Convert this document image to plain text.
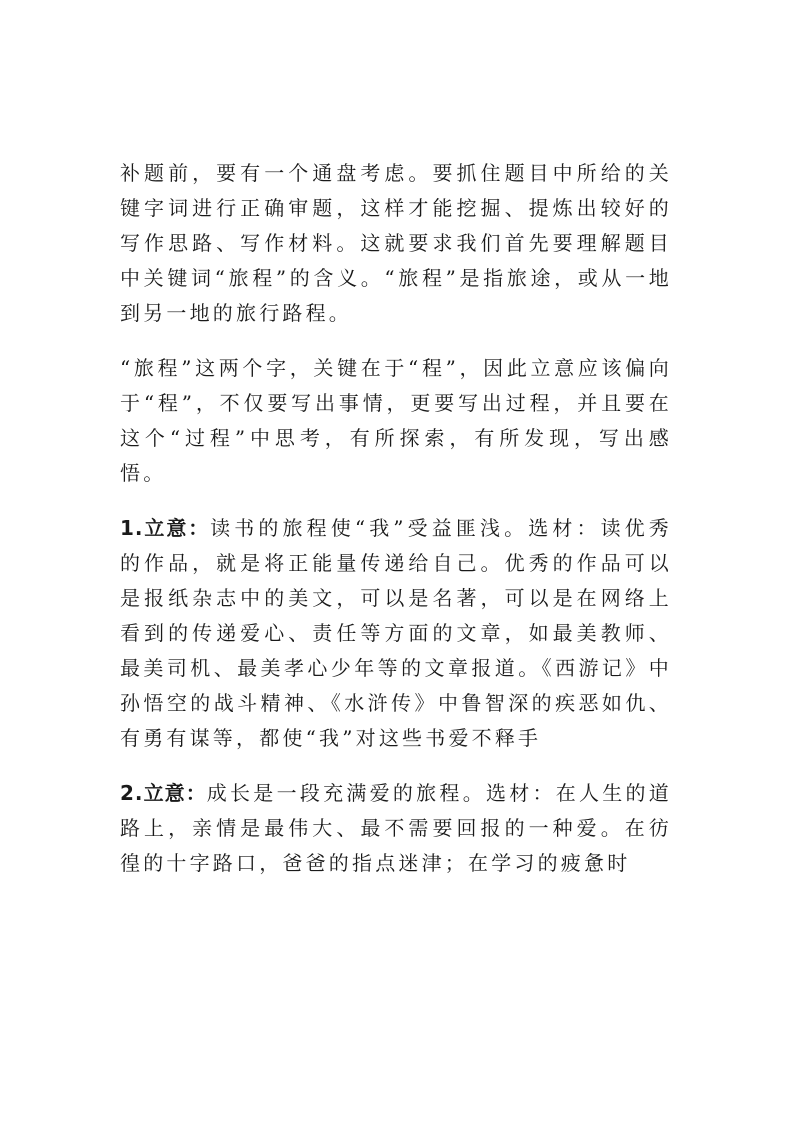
补题前，要有一个通盘考虑。要抓住题目中所给的关键字词进行正确审题，这样才能挖掘、提炼出较好的写作思路、写作材料。这就要求我们首先要理解题目中关键词“旅程”的含义。“旅程”是指旅途，或从一地到另一地的旅行路程。

“旅程”这两个字，关键在于“程”，因此立意应该偏向于“程”，不仅要写出事情，更要写出过程，并且要在这个“过程”中思考，有所探索，有所发现，写出感悟。

1.立意：读书的旅程使“我”受益匪浅。选材：读优秀的作品，就是将正能量传递给自己。优秀的作品可以是报纸杂志中的美文，可以是名著，可以是在网络上看到的传递爱心、责任等方面的文章，如最美教师、最美司机、最美孝心少年等的文章报道。《西游记》中孙悟空的战斗精神、《水浒传》中鲁智深的疾恶如仇、有勇有谋等，都使“我”对这些书爱不释手

2.立意：成长是一段充满爱的旅程。选材：在人生的道路上，亲情是最伟大、最不需要回报的一种爱。在彷徨的十字路口，爸爸的指点迷津；在学习的疲惫时
